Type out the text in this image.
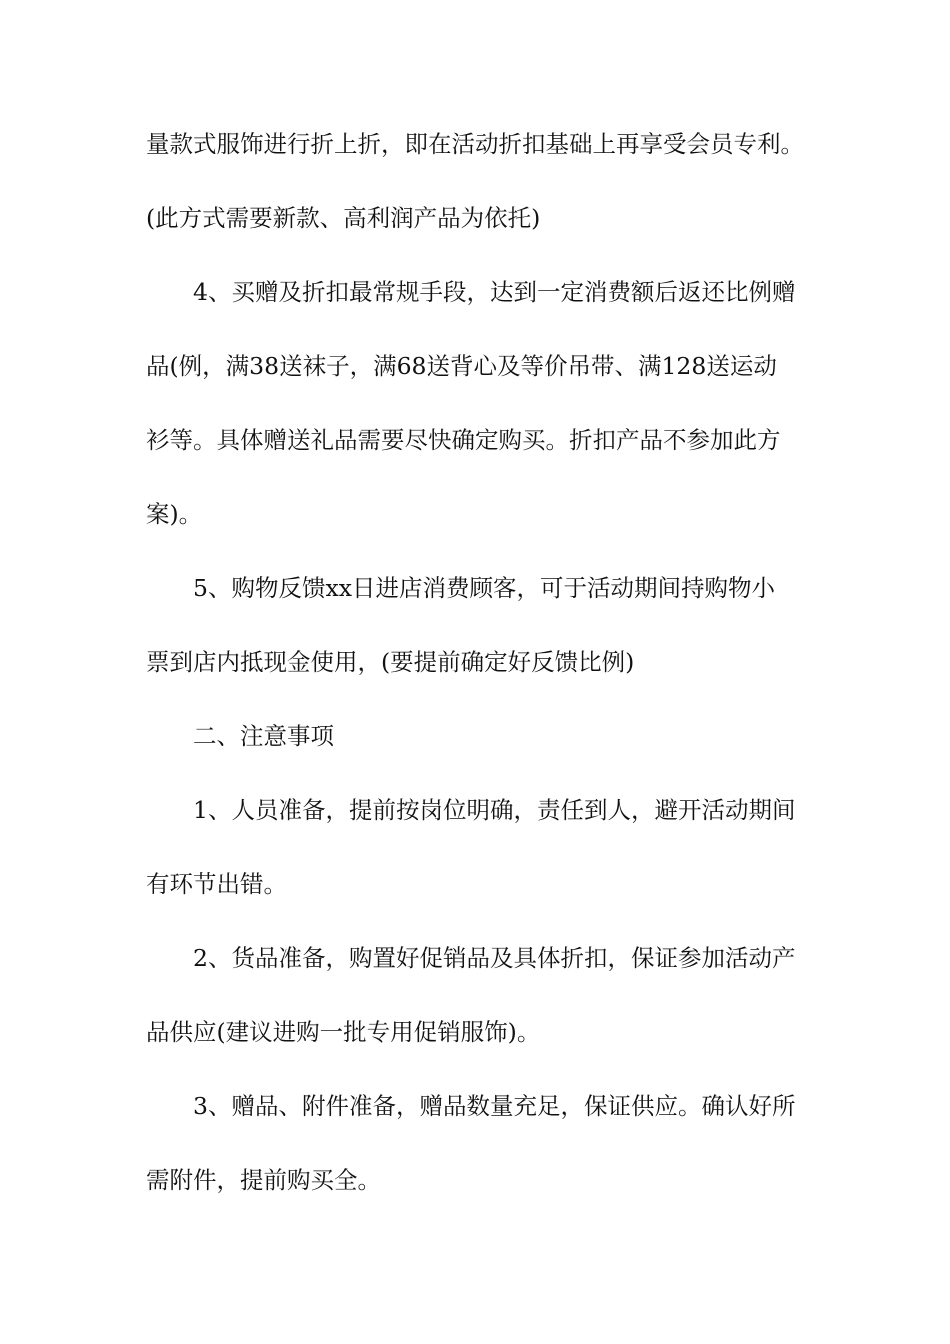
量款式服饰进行折上折，即在活动折扣基础上再享受会员专利。
(此方式需要新款、高利润产品为依托)
4、买赠及折扣最常规手段，达到一定消费额后返还比例赠
品(例，满38送袜子，满68送背心及等价吊带、满128送运动
衫等。具体赠送礼品需要尽快确定购买。折扣产品不参加此方
案)。
5、购物反馈xx日进店消费顾客，可于活动期间持购物小
票到店内抵现金使用，(要提前确定好反馈比例)
二、注意事项
1、人员准备，提前按岗位明确，责任到人，避开活动期间
有环节出错。
2、货品准备，购置好促销品及具体折扣，保证参加活动产
品供应(建议进购一批专用促销服饰)。
3、赠品、附件准备，赠品数量充足，保证供应。确认好所
需附件，提前购买全。
